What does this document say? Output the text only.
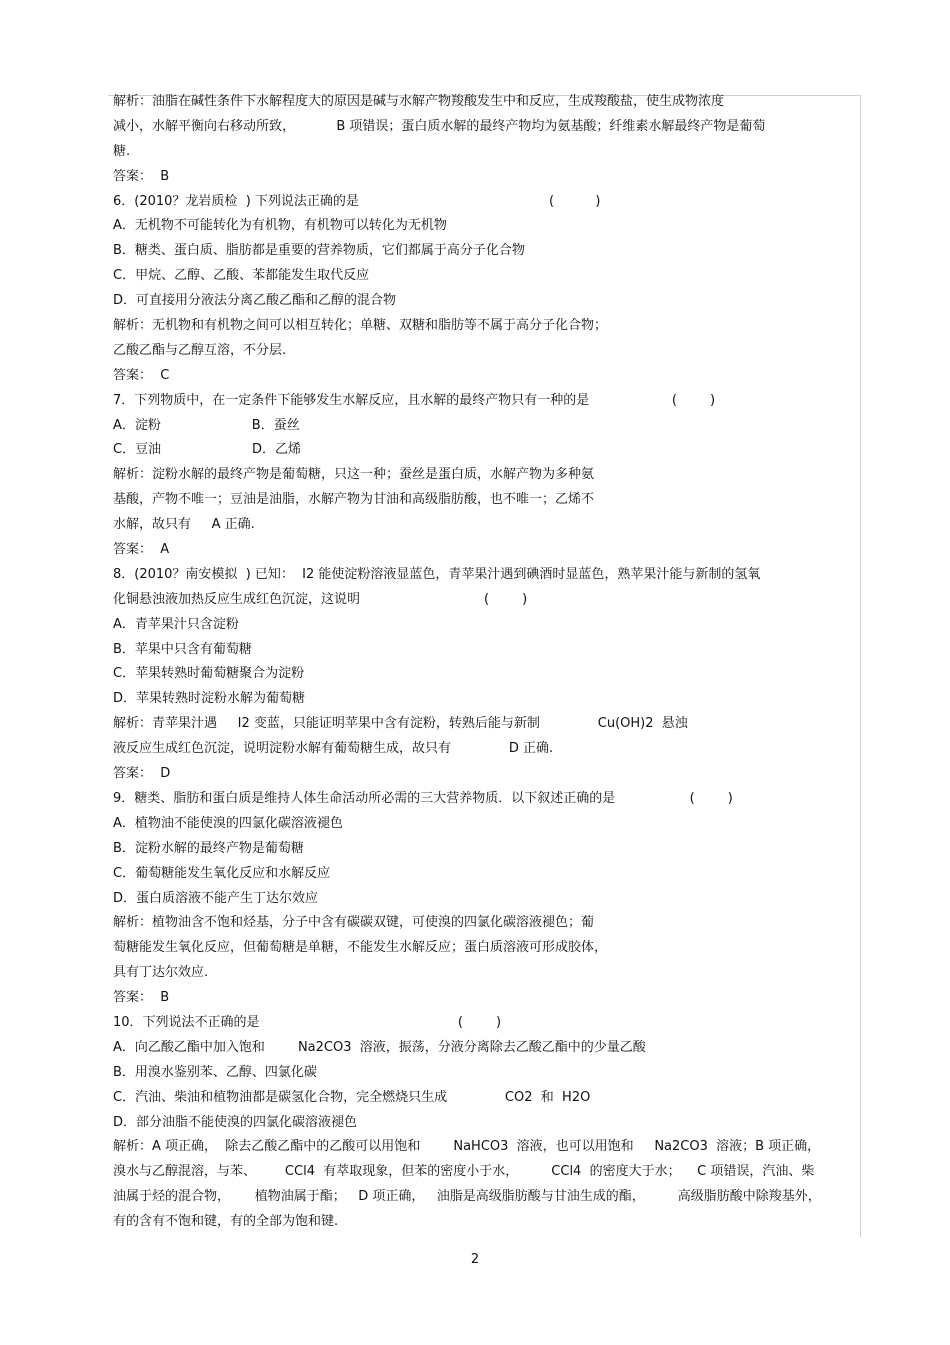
解析：油脂在碱性条件下水解程度大的原因是碱与水解产物羧酸发生中和反应，生成羧酸盐，使生成物浓度
减小，水解平衡向右移动所致，          B 项错误；蛋白质水解的最终产物均为氨基酸；纤维素水解最终产物是葡萄
糖.
答案：  B
6．(2010？龙岩质检  ) 下列说法正确的是                                              (          )
A．无机物不可能转化为有机物，有机物可以转化为无机物
B．糖类、蛋白质、脂肪都是重要的营养物质，它们都属于高分子化合物
C．甲烷、乙醇、乙酸、苯都能发生取代反应
D．可直接用分液法分离乙酸乙酯和乙醇的混合物
解析：无机物和有机物之间可以相互转化；单糖、双糖和脂肪等不属于高分子化合物；
乙酸乙酯与乙醇互溶，不分层.
答案：  C
7．下列物质中，在一定条件下能够发生水解反应，且水解的最终产物只有一种的是                    (        )
A．淀粉                      B．蚕丝
C．豆油                      D．乙烯
解析：淀粉水解的最终产物是葡萄糖，只这一种；蚕丝是蛋白质，水解产物为多种氨
基酸，产物不唯一；豆油是油脂，水解产物为甘油和高级脂肪酸，也不唯一；乙烯不
水解，故只有     A 正确.
答案：  A
8．(2010？南安模拟  ) 已知：  I2 能使淀粉溶液显蓝色，青苹果汁遇到碘酒时显蓝色，熟苹果汁能与新制的氢氧
化铜悬浊液加热反应生成红色沉淀，这说明                              (        )
A．青苹果汁只含淀粉
B．苹果中只含有葡萄糖
C．苹果转熟时葡萄糖聚合为淀粉
D．苹果转熟时淀粉水解为葡萄糖
解析：青苹果汁遇     I2 变蓝，只能证明苹果中含有淀粉，转熟后能与新制              Cu(OH)2  悬浊
液反应生成红色沉淀，说明淀粉水解有葡萄糖生成，故只有              D 正确.
答案：  D
9．糖类、脂肪和蛋白质是维持人体生命活动所必需的三大营养物质．以下叙述正确的是                  (        )
A．植物油不能使溴的四氯化碳溶液褪色
B．淀粉水解的最终产物是葡萄糖
C．葡萄糖能发生氧化反应和水解反应
D．蛋白质溶液不能产生丁达尔效应
解析：植物油含不饱和烃基，分子中含有碳碳双键，可使溴的四氯化碳溶液褪色；葡
萄糖能发生氧化反应，但葡萄糖是单糖，不能发生水解反应；蛋白质溶液可形成胶体，
具有丁达尔效应.
答案：  B
10．下列说法不正确的是                                                (        )
A．向乙酸乙酯中加入饱和        Na2CO3  溶液，振荡，分液分离除去乙酸乙酯中的少量乙酸
B．用溴水鉴别苯、乙醇、四氯化碳
C．汽油、柴油和植物油都是碳氢化合物，完全燃烧只生成              CO2  和  H2O
D．部分油脂不能使溴的四氯化碳溶液褪色
解析：A 项正确，  除去乙酸乙酯中的乙酸可以用饱和        NaHCO3  溶液，也可以用饱和     Na2CO3  溶液；B 项正确，
溴水与乙醇混溶，与苯、       CCl4  有萃取现象，但苯的密度小于水，        CCl4  的密度大于水；    C 项错误，汽油、柴
油属于烃的混合物，      植物油属于酯；   D 项正确，   油脂是高级脂肪酸与甘油生成的酯，        高级脂肪酸中除羧基外，
有的含有不饱和键，有的全部为饱和键.
2
